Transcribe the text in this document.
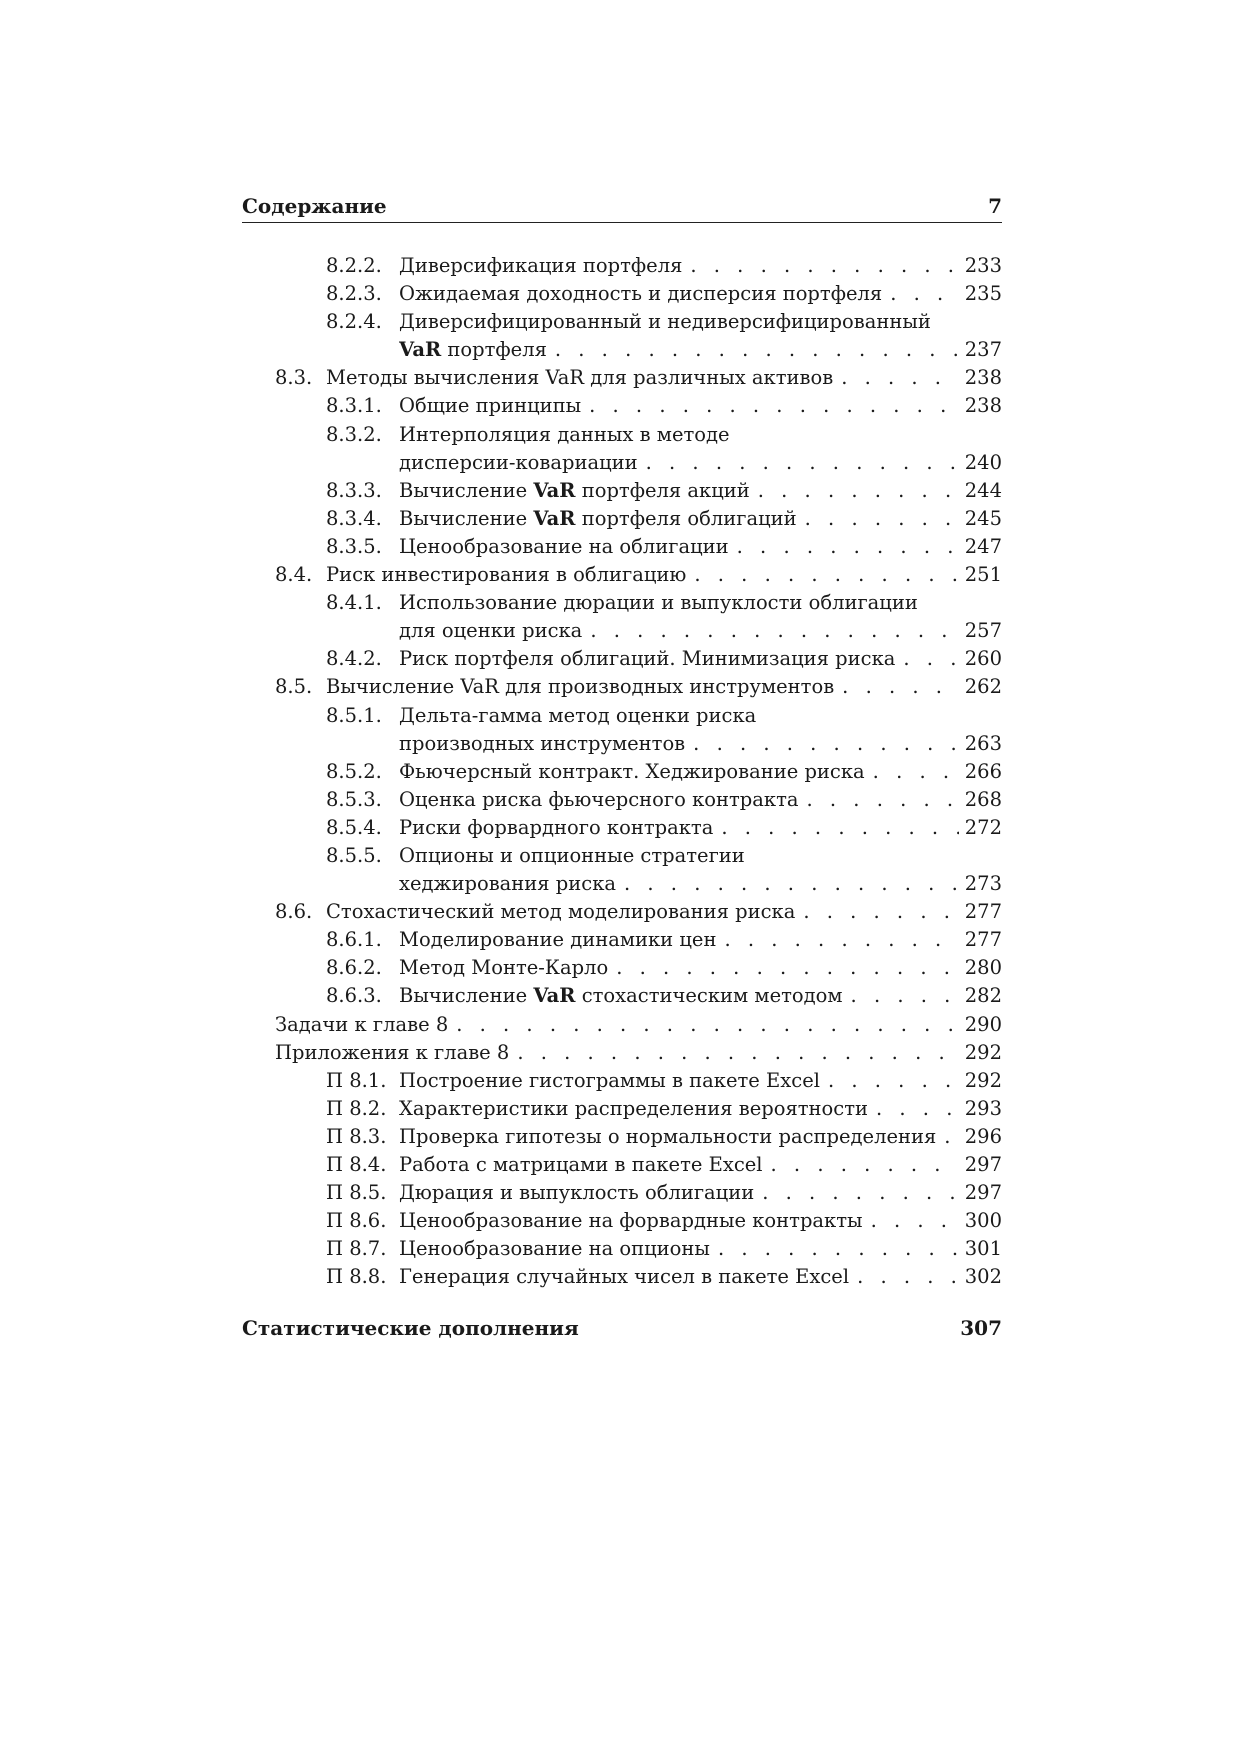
Содержание	7
8.2.2. Диверсификация портфеля . . .	233
8.2.3. Ожидаемая доходность и дисперсия портфеля . . .	235
8.2.4. Диверсифицированный и недиверсифицированный
VaR портфеля . . .	237
8.3. Методы вычисления VaR для различных активов . . .	238
8.3.1. Общие принципы . . .	238
8.3.2. Интерполяция данных в методе
дисперсии-ковариации . . .	240
8.3.3. Вычисление VaR портфеля акций . . .	244
8.3.4. Вычисление VaR портфеля облигаций . . .	245
8.3.5. Ценообразование на облигации . . .	247
8.4. Риск инвестирования в облигацию . . .	251
8.4.1. Использование дюрации и выпуклости облигации
для оценки риска . . .	257
8.4.2. Риск портфеля облигаций. Минимизация риска . . .	260
8.5. Вычисление VaR для производных инструментов . . .	262
8.5.1. Дельта-гамма метод оценки риска
производных инструментов . . .	263
8.5.2. Фьючерсный контракт. Хеджирование риска . . .	266
8.5.3. Оценка риска фьючерсного контракта . . .	268
8.5.4. Риски форвардного контракта . . .	272
8.5.5. Опционы и опционные стратегии
хеджирования риска . . .	273
8.6. Стохастический метод моделирования риска . . .	277
8.6.1. Моделирование динамики цен . . .	277
8.6.2. Метод Монте-Карло . . .	280
8.6.3. Вычисление VaR стохастическим методом . . .	282
Задачи к главе 8 . . .	290
Приложения к главе 8 . . .	292
П 8.1. Построение гистограммы в пакете Excel . . .	292
П 8.2. Характеристики распределения вероятности . . .	293
П 8.3. Проверка гипотезы о нормальности распределения . . .	296
П 8.4. Работа с матрицами в пакете Excel . . .	297
П 8.5. Дюрация и выпуклость облигации . . .	297
П 8.6. Ценообразование на форвардные контракты . . .	300
П 8.7. Ценообразование на опционы . . .	301
П 8.8. Генерация случайных чисел в пакете Excel . . .	302
Статистические дополнения	307
